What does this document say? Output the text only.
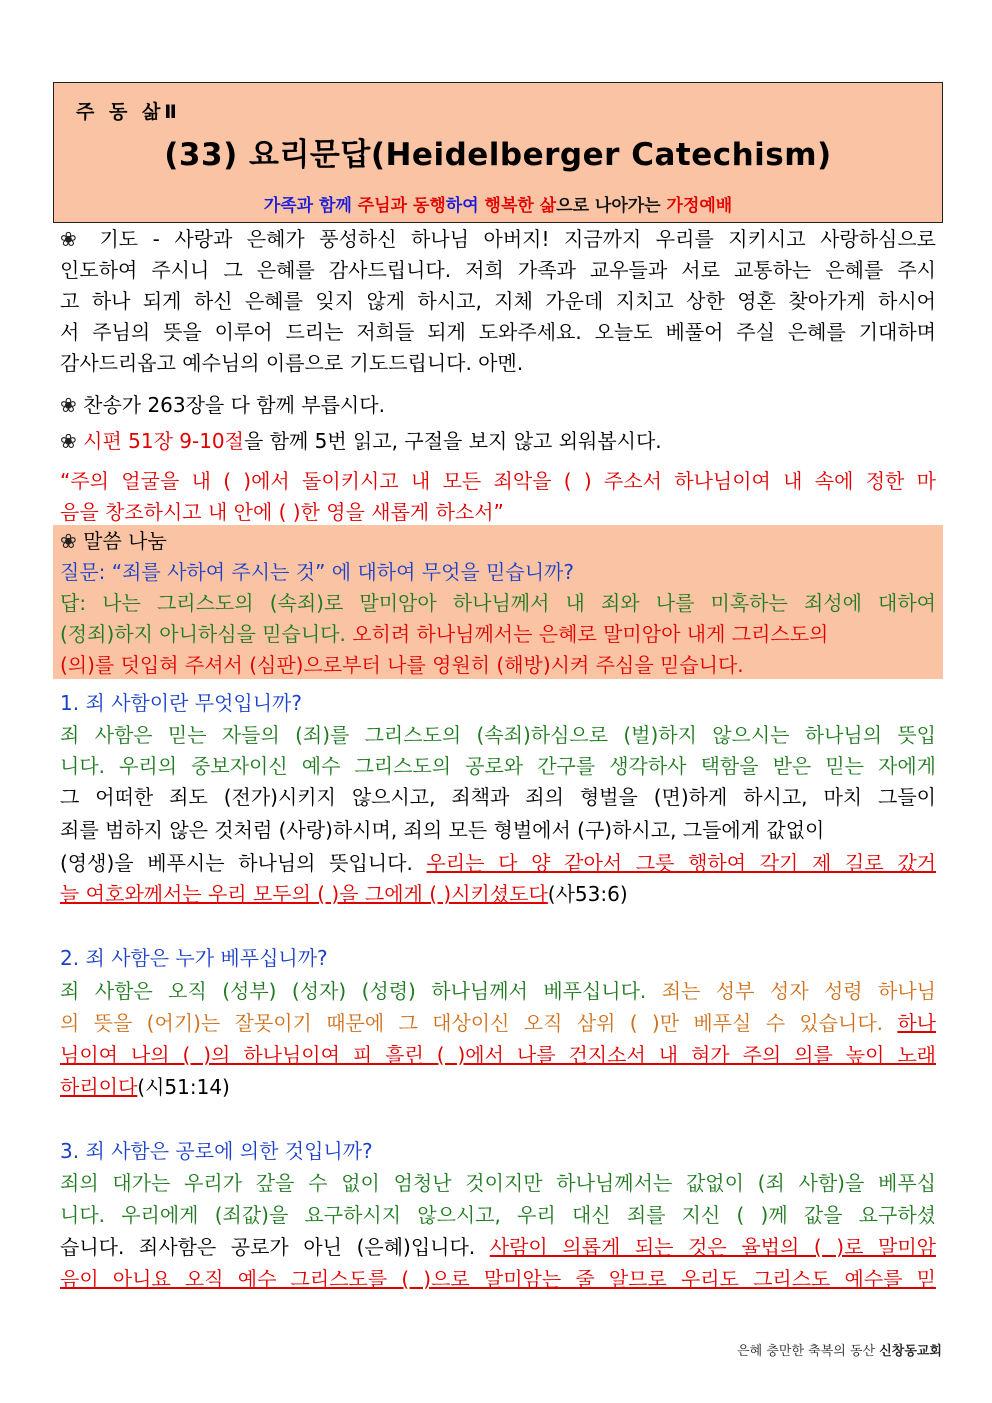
주 동 삶Ⅱ
(33) 요리문답(Heidelberger Catechism)
가족과 함께 주님과 동행하여 행복한 삶으로 나아가는 가정예배
❀ 기도 - 사랑과 은혜가 풍성하신 하나님 아버지! 지금까지 우리를 지키시고 사랑하심으로
인도하여 주시니 그 은혜를 감사드립니다. 저희 가족과 교우들과 서로 교통하는 은혜를 주시
고 하나 되게 하신 은혜를 잊지 않게 하시고, 지체 가운데 지치고 상한 영혼 찾아가게 하시어
서 주님의 뜻을 이루어 드리는 저희들 되게 도와주세요. 오늘도 베풀어 주실 은혜를 기대하며
감사드리옵고 예수님의 이름으로 기도드립니다. 아멘.
❀ 찬송가 263장을 다 함께 부릅시다.
❀ 시편 51장 9-10절을 함께 5번 읽고, 구절을 보지 않고 외워봅시다.
“주의 얼굴을 내 ( )에서 돌이키시고 내 모든 죄악을 ( ) 주소서 하나님이여 내 속에 정한 마
음을 창조하시고 내 안에 ( )한 영을 새롭게 하소서”
❀ 말씀 나눔
질문: “죄를 사하여 주시는 것” 에 대하여 무엇을 믿습니까?
답: 나는 그리스도의 (속죄)로 말미암아 하나님께서 내 죄와 나를 미혹하는 죄성에 대하여
(정죄)하지 아니하심을 믿습니다. 오히려 하나님께서는 은혜로 말미암아 내게 그리스도의
(의)를 덧입혀 주셔서 (심판)으로부터 나를 영원히 (해방)시켜 주심을 믿습니다.
1. 죄 사함이란 무엇입니까?
죄 사함은 믿는 자들의 (죄)를 그리스도의 (속죄)하심으로 (벌)하지 않으시는 하나님의 뜻입
니다. 우리의 중보자이신 예수 그리스도의 공로와 간구를 생각하사 택함을 받은 믿는 자에게
그 어떠한 죄도 (전가)시키지 않으시고, 죄책과 죄의 형벌을 (면)하게 하시고, 마치 그들이
죄를 범하지 않은 것처럼 (사랑)하시며, 죄의 모든 형벌에서 (구)하시고, 그들에게 값없이
(영생)을 베푸시는 하나님의 뜻입니다. 우리는 다 양 같아서 그릇 행하여 각기 제 길로 갔거
늘 여호와께서는 우리 모두의 ( )을 그에게 ( )시키셨도다(사53:6)
2. 죄 사함은 누가 베푸십니까?
죄 사함은 오직 (성부) (성자) (성령) 하나님께서 베푸십니다. 죄는 성부 성자 성령 하나님
의 뜻을 (어기)는 잘못이기 때문에 그 대상이신 오직 삼위 ( )만 베푸실 수 있습니다. 하나
님이여 나의 ( )의 하나님이여 피 흘린 ( )에서 나를 건지소서 내 혀가 주의 의를 높이 노래
하리이다(시51:14)
3. 죄 사함은 공로에 의한 것입니까?
죄의 대가는 우리가 갚을 수 없이 엄청난 것이지만 하나님께서는 값없이 (죄 사함)을 베푸십
니다. 우리에게 (죄값)을 요구하시지 않으시고, 우리 대신 죄를 지신 ( )께 값을 요구하셨
습니다. 죄사함은 공로가 아닌 (은혜)입니다. 사람이 의롭게 되는 것은 율법의 ( )로 말미암
음이 아니요 오직 예수 그리스도를 ( )으로 말미암는 줄 알므로 우리도 그리스도 예수를 믿
은혜 충만한 축복의 동산 신창동교회
